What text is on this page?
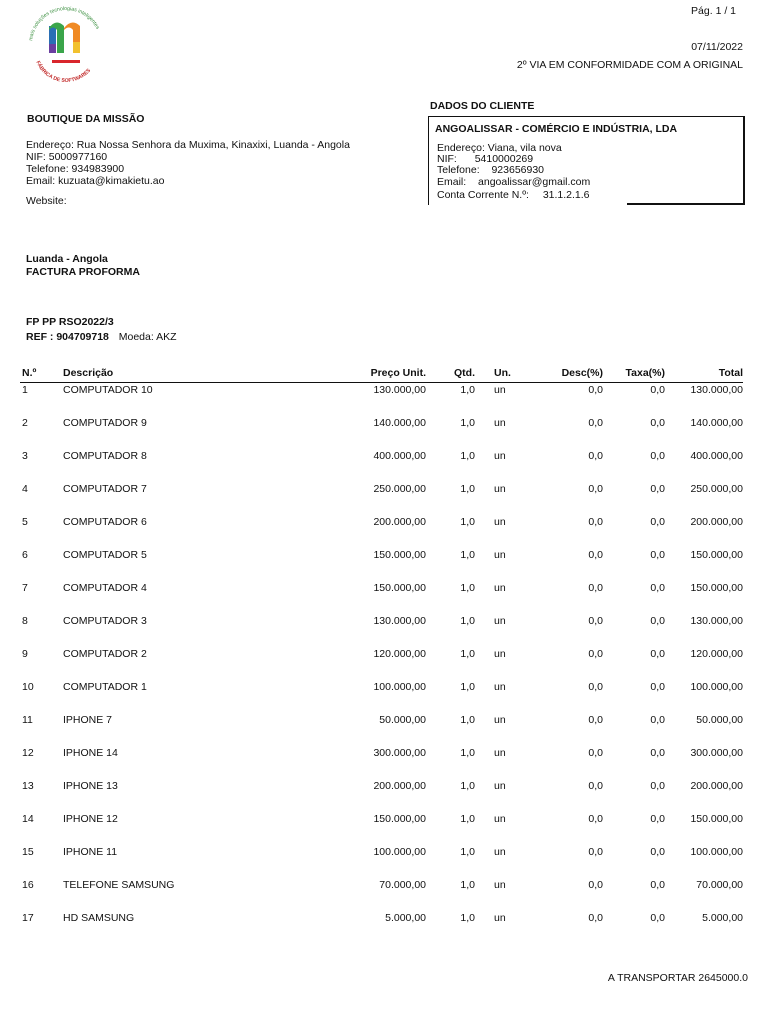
mais soluções tecnologias inteligentes
FÁBRICA DE SOFTWARES
Pág. 1 / 1
07/11/2022
2º VIA EM CONFORMIDADE COM A ORIGINAL
BOUTIQUE DA MISSÃO
Endereço: Rua Nossa Senhora da Muxima, Kinaxixi, Luanda - Angola
NIF: 5000977160
Telefone: 934983900
Email: kuzuata@kimakietu.ao
Website:
DADOS DO CLIENTE
ANGOALISSAR - COMÉRCIO E INDÚSTRIA, LDA
Endereço: Viana, vila nova
NIF: 5410000269
Telefone: 923656930
Email: angoalissar@gmail.com
Conta Corrente N.º: 31.1.2.1.6
Luanda - Angola
FACTURA PROFORMA
FP PP RSO2022/3
REF : 904709718 Moeda: AKZ
N.º	Descrição	Preço Unit.	Qtd. Un.	Desc(%) Taxa(%)	Total
1	COMPUTADOR 10	130.000,00	1,0 un	0,0	0,0 130.000,00
2	COMPUTADOR 9	140.000,00	1,0 un	0,0	0,0 140.000,00
3	COMPUTADOR 8	400.000,00	1,0 un	0,0	0,0 400.000,00
4	COMPUTADOR 7	250.000,00	1,0 un	0,0	0,0 250.000,00
5	COMPUTADOR 6	200.000,00	1,0 un	0,0	0,0 200.000,00
6	COMPUTADOR 5	150.000,00	1,0 un	0,0	0,0 150.000,00
7	COMPUTADOR 4	150.000,00	1,0 un	0,0	0,0 150.000,00
8	COMPUTADOR 3	130.000,00	1,0 un	0,0	0,0 130.000,00
9	COMPUTADOR 2	120.000,00	1,0 un	0,0	0,0 120.000,00
10	COMPUTADOR 1	100.000,00	1,0 un	0,0	0,0 100.000,00
11	IPHONE 7	50.000,00	1,0 un	0,0	0,0	50.000,00
12	IPHONE 14	300.000,00	1,0 un	0,0	0,0 300.000,00
13	IPHONE 13	200.000,00	1,0 un	0,0	0,0 200.000,00
14	IPHONE 12	150.000,00	1,0 un	0,0	0,0 150.000,00
15	IPHONE 11	100.000,00	1,0 un	0,0	0,0 100.000,00
16	TELEFONE SAMSUNG	70.000,00	1,0 un	0,0	0,0	70.000,00
17	HD SAMSUNG	5.000,00	1,0 un	0,0	0,0	5.000,00
A TRANSPORTAR 2645000.0
